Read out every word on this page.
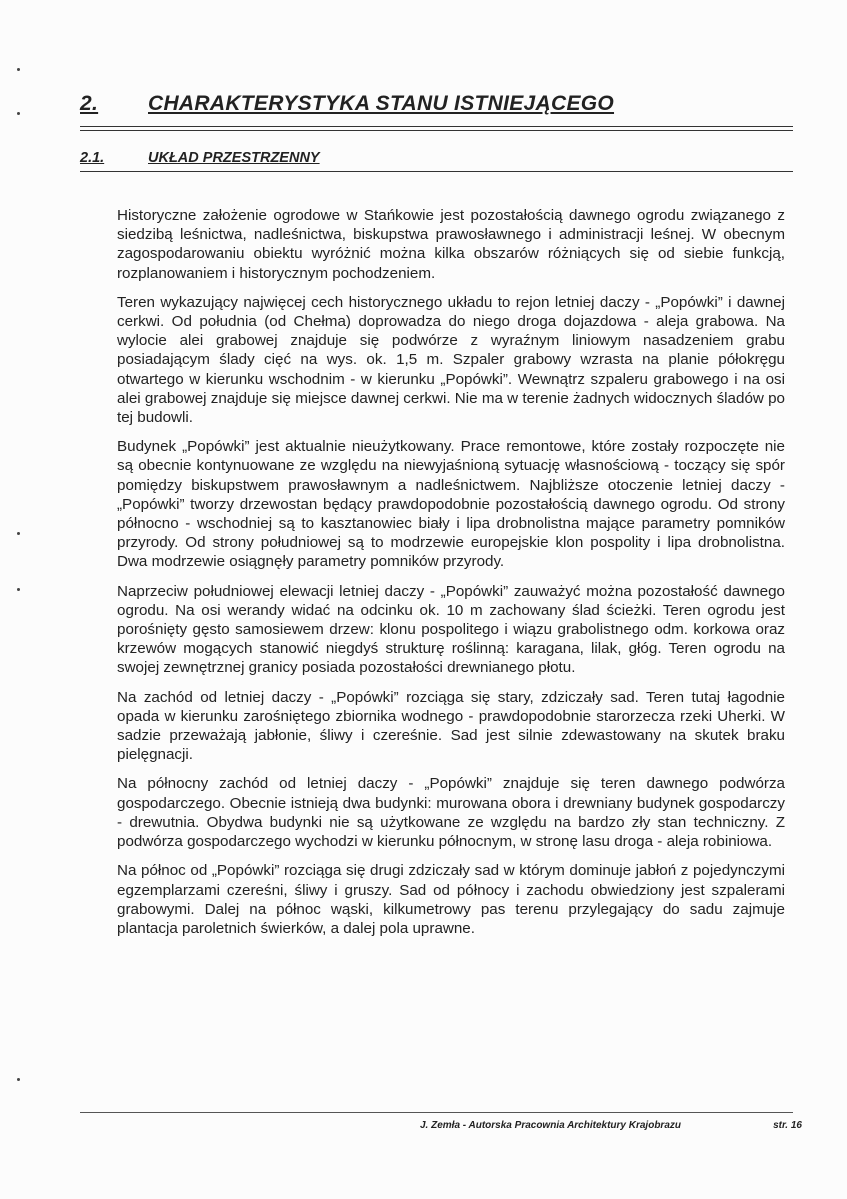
2.	CHARAKTERYSTYKA STANU ISTNIEJĄCEGO
2.1.	UKŁAD PRZESTRZENNY

Historyczne założenie ogrodowe w Stańkowie jest pozostałością dawnego ogrodu związanego z siedzibą leśnictwa, nadleśnictwa, biskupstwa prawosławnego i administracji leśnej. W obecnym zagospodarowaniu obiektu wyróżnić można kilka obszarów różniących się od siebie funkcją, rozplanowaniem i historycznym pochodzeniem.

Teren wykazujący najwięcej cech historycznego układu to rejon letniej daczy - „Popówki” i dawnej cerkwi. Od południa (od Chełma) doprowadza do niego droga dojazdowa - aleja grabowa. Na wylocie alei grabowej znajduje się podwórze z wyraźnym liniowym nasadzeniem grabu posiadającym ślady cięć na wys. ok. 1,5 m. Szpaler grabowy wzrasta na planie półokręgu otwartego w kierunku wschodnim - w kierunku „Popówki”. Wewnątrz szpaleru grabowego i na osi alei grabowej znajduje się miejsce dawnej cerkwi. Nie ma w terenie żadnych widocznych śladów po tej budowli.

Budynek „Popówki” jest aktualnie nieużytkowany. Prace remontowe, które zostały rozpoczęte nie są obecnie kontynuowane ze względu na niewyjaśnioną sytuację własnościową - toczący się spór pomiędzy biskupstwem prawosławnym a nadleśnictwem. Najbliższe otoczenie letniej daczy - „Popówki” tworzy drzewostan będący prawdopodobnie pozostałością dawnego ogrodu. Od strony północno - wschodniej są to kasztanowiec biały i lipa drobnolistna mające parametry pomników przyrody. Od strony południowej są to modrzewie europejskie klon pospolity i lipa drobnolistna. Dwa modrzewie osiągnęły parametry pomników przyrody.

Naprzeciw południowej elewacji letniej daczy - „Popówki” zauważyć można pozostałość dawnego ogrodu. Na osi werandy widać na odcinku ok. 10 m zachowany ślad ścieżki. Teren ogrodu jest porośnięty gęsto samosiewem drzew: klonu pospolitego i wiązu grabolistnego odm. korkowa oraz krzewów mogących stanowić niegdyś strukturę roślinną: karagana, lilak, głóg. Teren ogrodu na swojej zewnętrznej granicy posiada pozostałości drewnianego płotu.

Na zachód od letniej daczy - „Popówki” rozciąga się stary, zdziczały sad. Teren tutaj łagodnie opada w kierunku zarośniętego zbiornika wodnego - prawdopodobnie starorzecza rzeki Uherki. W sadzie przeważają jabłonie, śliwy i czereśnie. Sad jest silnie zdewastowany na skutek braku pielęgnacji.

Na północny zachód od letniej daczy - „Popówki” znajduje się teren dawnego podwórza gospodarczego. Obecnie istnieją dwa budynki: murowana obora i drewniany budynek gospodarczy - drewutnia. Obydwa budynki nie są użytkowane ze względu na bardzo zły stan techniczny. Z podwórza gospodarczego wychodzi w kierunku północnym, w stronę lasu droga - aleja robiniowa.

Na północ od „Popówki” rozciąga się drugi zdziczały sad w którym dominuje jabłoń z pojedynczymi egzemplarzami czereśni, śliwy i gruszy. Sad od północy i zachodu obwiedziony jest szpalerami grabowymi. Dalej na północ wąski, kilkumetrowy pas terenu przylegający do sadu zajmuje plantacja paroletnich świerków, a dalej pola uprawne.

J. Zemła - Autorska Pracownia Architektury Krajobrazu	str. 16
